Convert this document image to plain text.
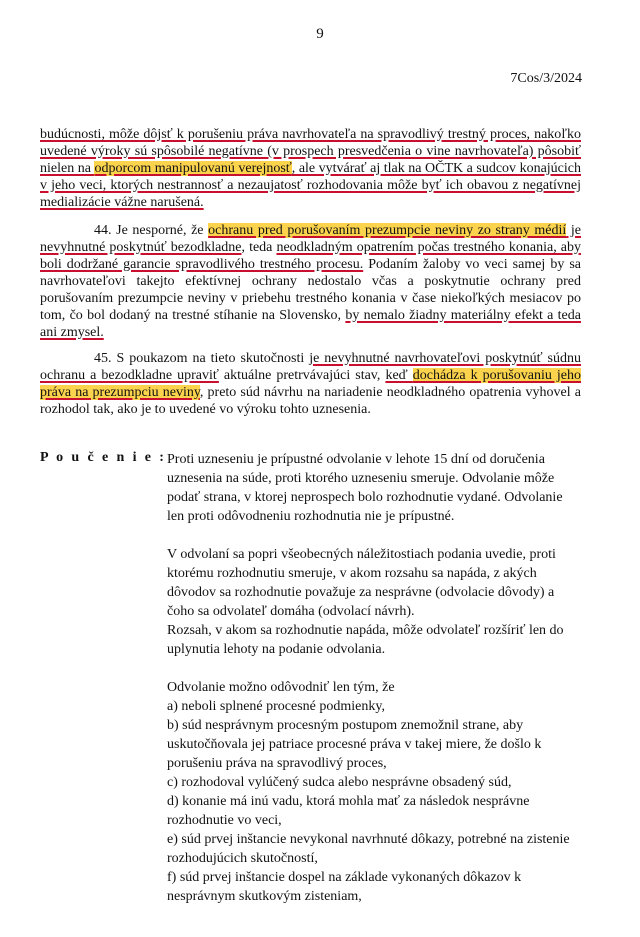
9
7Cos/3/2024

budúcnosti, môže dôjsť k porušeniu práva navrhovateľa na spravodlivý trestný proces, nakoľko uvedené výroky sú spôsobilé negatívne (v prospech presvedčenia o vine navrhovateľa) pôsobiť nielen na odporcom manipulovanú verejnosť, ale vytvárať aj tlak na OČTK a sudcov konajúcich v jeho veci, ktorých nestrannosť a nezaujatosť rozhodovania môže byť ich obavou z negatívnej medializácie vážne narušená.

44. Je nesporné, že ochranu pred porušovaním prezumpcie neviny zo strany médií je nevyhnutné poskytnúť bezodkladne, teda neodkladným opatrením počas trestného konania, aby boli dodržané garancie spravodlivého trestného procesu. Podaním žaloby vo veci samej by sa navrhovateľovi takejto efektívnej ochrany nedostalo včas a poskytnutie ochrany pred porušovaním prezumpcie neviny v priebehu trestného konania v čase niekoľkých mesiacov po tom, čo bol dodaný na trestné stíhanie na Slovensko, by nemalo žiadny materiálny efekt a teda ani zmysel.

45. S poukazom na tieto skutočnosti je nevyhnutné navrhovateľovi poskytnúť súdnu ochranu a bezodkladne upraviť aktuálne pretrvávajúci stav, keď dochádza k porušovaniu jeho práva na prezumpciu neviny, preto súd návrhu na nariadenie neodkladného opatrenia vyhovel a rozhodol tak, ako je to uvedené vo výroku tohto uznesenia.

P o u č e n i e : Proti uzneseniu je prípustné odvolanie v lehote 15 dní od doručenia

uznesenia na súde, proti ktorého uzneseniu smeruje. Odvolanie môže

podať strana, v ktorej neprospech bolo rozhodnutie vydané. Odvolanie

len proti odôvodneniu rozhodnutia nie je prípustné.

V odvolaní sa popri všeobecných náležitostiach podania uvedie, proti

ktorému rozhodnutiu smeruje, v akom rozsahu sa napáda, z akých

dôvodov sa rozhodnutie považuje za nesprávne (odvolacie dôvody) a

čoho sa odvolateľ domáha (odvolací návrh).

Rozsah, v akom sa rozhodnutie napáda, môže odvolateľ rozšíriť len do

uplynutia lehoty na podanie odvolania.

Odvolanie možno odôvodniť len tým, že

a) neboli splnené procesné podmienky,

b) súd nesprávnym procesným postupom znemožnil strane, aby

uskutočňovala jej patriace procesné práva v takej miere, že došlo k

porušeniu práva na spravodlivý proces,

c) rozhodoval vylúčený sudca alebo nesprávne obsadený súd,

d) konanie má inú vadu, ktorá mohla mať za následok nesprávne

rozhodnutie vo veci,

e) súd prvej inštancie nevykonal navrhnuté dôkazy, potrebné na zistenie

rozhodujúcich skutočností,

f) súd prvej inštancie dospel na základe vykonaných dôkazov k

nesprávnym skutkovým zisteniam,
